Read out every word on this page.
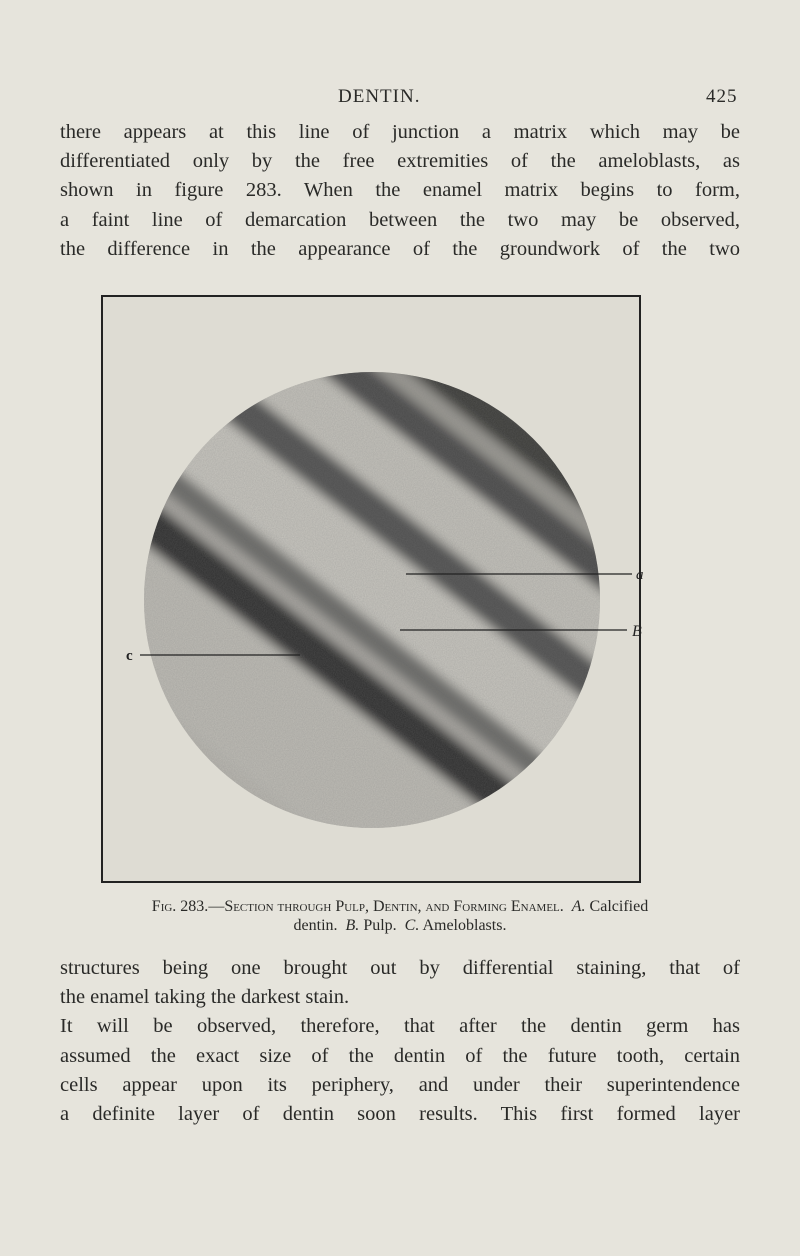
DENTIN.	425
there appears at this line of junction a matrix which may be
differentiated only by the free extremities of the ameloblasts, as
shown in figure 283. When the enamel matrix begins to form,
a faint line of demarcation between the two may be observed,
the difference in the appearance of the groundwork of the two
a
B
c
Fig. 283.—Section through Pulp, Dentin, and Forming Enamel. A. Calcified
dentin. B. Pulp. C. Ameloblasts.
structures being one brought out by differential staining, that of
the enamel taking the darkest stain.
It will be observed, therefore, that after the dentin germ has
assumed the exact size of the dentin of the future tooth, certain
cells appear upon its periphery, and under their superintendence
a definite layer of dentin soon results. This first formed layer
